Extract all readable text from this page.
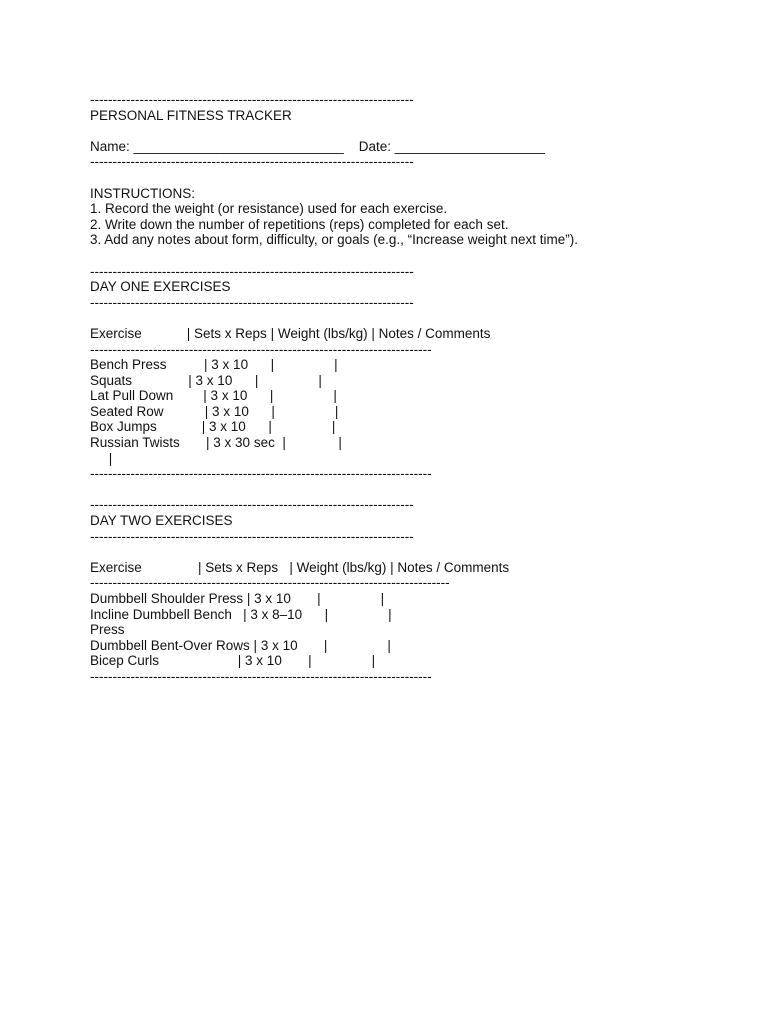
------------------------------------------------------------------------
PERSONAL FITNESS TRACKER
Name: ____________________________    Date: ____________________
------------------------------------------------------------------------
INSTRUCTIONS:
1. Record the weight (or resistance) used for each exercise.
2. Write down the number of repetitions (reps) completed for each set.
3. Add any notes about form, difficulty, or goals (e.g., “Increase weight next time”).
------------------------------------------------------------------------
DAY ONE EXERCISES
------------------------------------------------------------------------
Exercise            | Sets x Reps | Weight (lbs/kg) | Notes / Comments
----------------------------------------------------------------------------
Bench Press          | 3 x 10      |                |
Squats               | 3 x 10      |                |
Lat Pull Down        | 3 x 10      |                |
Seated Row           | 3 x 10      |                |
Box Jumps            | 3 x 10      |                |
Russian Twists       | 3 x 30 sec  |              |
|
----------------------------------------------------------------------------
------------------------------------------------------------------------
DAY TWO EXERCISES
------------------------------------------------------------------------
Exercise               | Sets x Reps   | Weight (lbs/kg) | Notes / Comments
--------------------------------------------------------------------------------
Dumbbell Shoulder Press | 3 x 10       |                |
Incline Dumbbell Bench   | 3 x 8–10      |                |
Press
Dumbbell Bent-Over Rows | 3 x 10       |                |
Bicep Curls                     | 3 x 10       |                |
----------------------------------------------------------------------------
